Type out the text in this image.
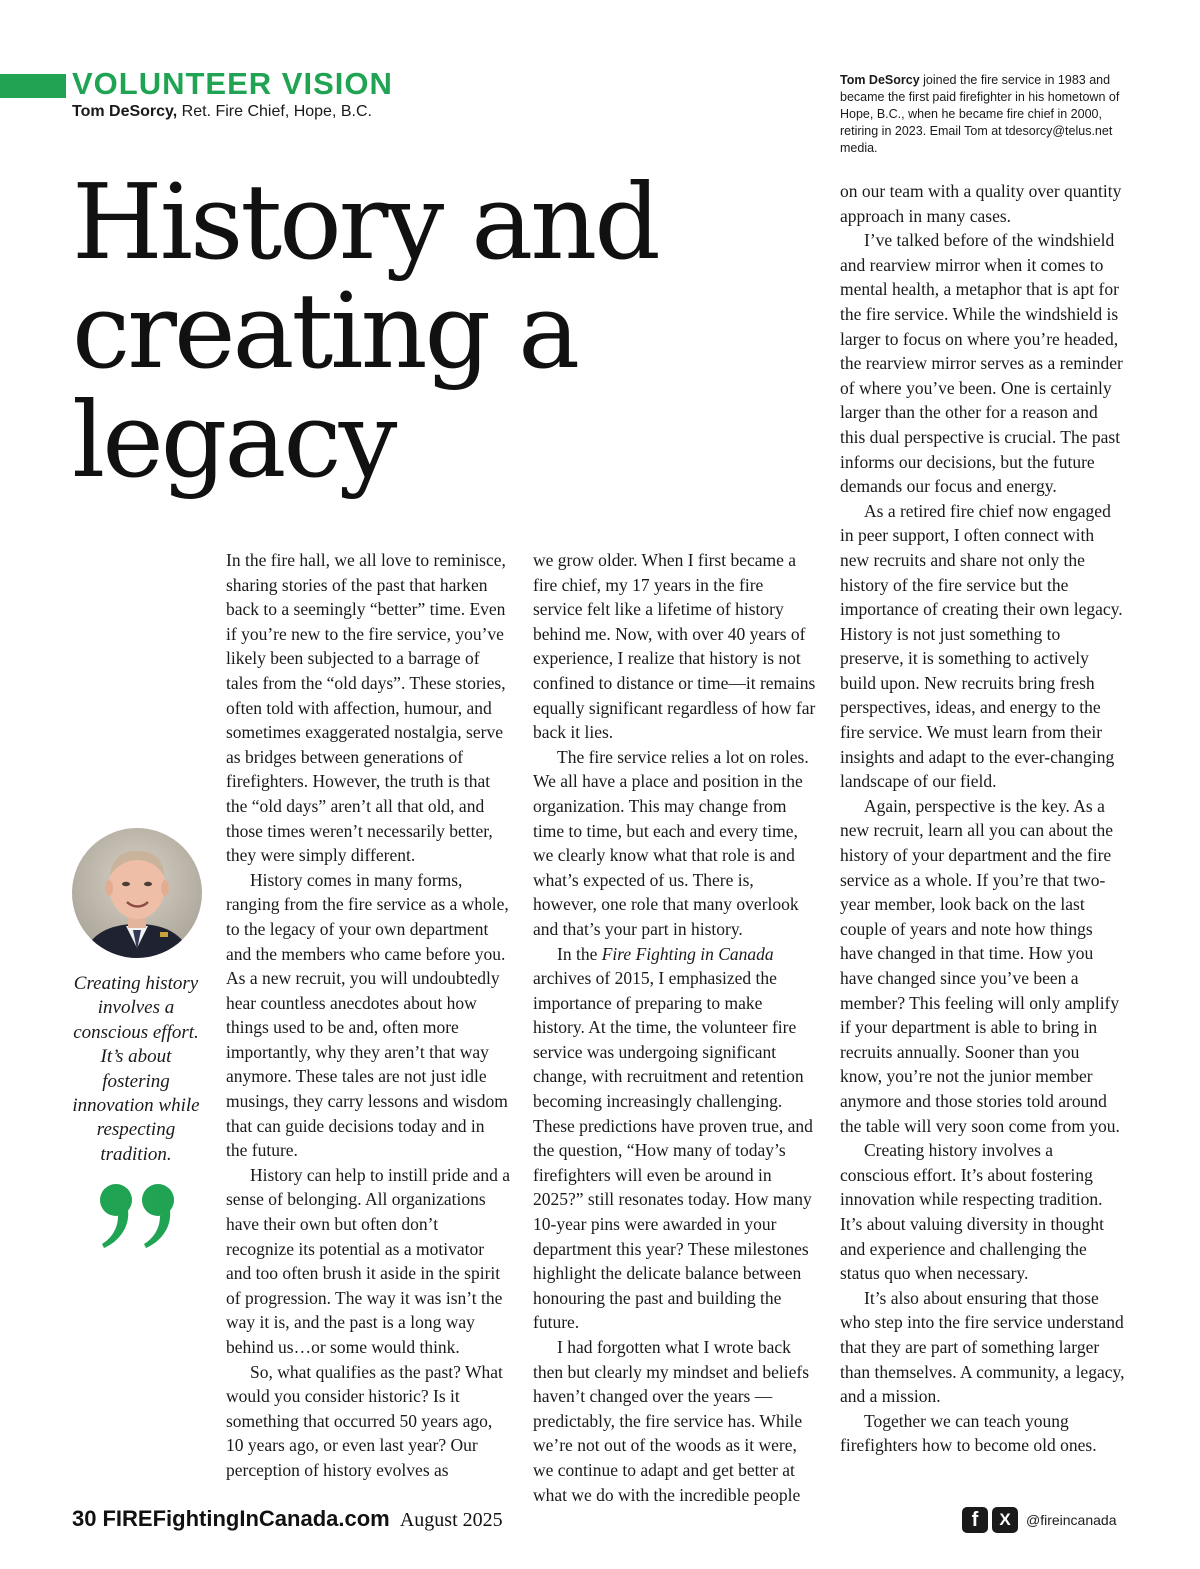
VOLUNTEER VISION
Tom DeSorcy, Ret. Fire Chief, Hope, B.C.
Tom DeSorcy joined the fire service in 1983 and became the first paid firefighter in his hometown of Hope, B.C., when he became fire chief in 2000, retiring in 2023. Email Tom at tdesorcy@telus.net media.
History and
creating a
legacy
Creating history involves a conscious effort. It’s about fostering innovation while respecting tradition.

In the fire hall, we all love to reminisce, sharing stories of the past that harken back to a seemingly “better” time. Even if you’re new to the fire service, you’ve likely been subjected to a barrage of tales from the “old days”. These stories, often told with affection, humour, and sometimes exaggerated nostalgia, serve as bridges between generations of firefighters. However, the truth is that the “old days” aren’t all that old, and those times weren’t necessarily better, they were simply different.

History comes in many forms, ranging from the fire service as a whole, to the legacy of your own department and the members who came before you. As a new recruit, you will undoubtedly hear countless anecdotes about how things used to be and, often more importantly, why they aren’t that way anymore. These tales are not just idle musings, they carry lessons and wisdom that can guide decisions today and in the future.

History can help to instill pride and a sense of belonging. All organizations have their own but often don’t recognize its potential as a motivator and too often brush it aside in the spirit of progression. The way it was isn’t the way it is, and the past is a long way behind us…or some would think.

So, what qualifies as the past? What would you consider historic? Is it something that occurred 50 years ago, 10 years ago, or even last year? Our perception of history evolves as

we grow older. When I first became a fire chief, my 17 years in the fire service felt like a lifetime of history behind me. Now, with over 40 years of experience, I realize that history is not confined to distance or time—it remains equally significant regardless of how far back it lies.

The fire service relies a lot on roles. We all have a place and position in the organization. This may change from time to time, but each and every time, we clearly know what that role is and what’s expected of us. There is, however, one role that many overlook and that’s your part in history.

In the Fire Fighting in Canada archives of 2015, I emphasized the importance of preparing to make history. At the time, the volunteer fire service was undergoing significant change, with recruitment and retention becoming increasingly challenging. These predictions have proven true, and the question, “How many of today’s firefighters will even be around in 2025?” still resonates today. How many 10-year pins were awarded in your department this year? These milestones highlight the delicate balance between honouring the past and building the future.

I had forgotten what I wrote back then but clearly my mindset and beliefs haven’t changed over the years — predictably, the fire service has. While we’re not out of the woods as it were, we continue to adapt and get better at what we do with the incredible people

on our team with a quality over quantity approach in many cases.

I’ve talked before of the windshield and rearview mirror when it comes to mental health, a metaphor that is apt for the fire service. While the windshield is larger to focus on where you’re headed, the rearview mirror serves as a reminder of where you’ve been. One is certainly larger than the other for a reason and this dual perspective is crucial. The past informs our decisions, but the future demands our focus and energy.

As a retired fire chief now engaged in peer support, I often connect with new recruits and share not only the history of the fire service but the importance of creating their own legacy. History is not just something to preserve, it is something to actively build upon. New recruits bring fresh perspectives, ideas, and energy to the fire service. We must learn from their insights and adapt to the ever-changing landscape of our field.

Again, perspective is the key. As a new recruit, learn all you can about the history of your department and the fire service as a whole. If you’re that two-year member, look back on the last couple of years and note how things have changed in that time. How you have changed since you’ve been a member? This feeling will only amplify if your department is able to bring in recruits annually. Sooner than you know, you’re not the junior member anymore and those stories told around the table will very soon come from you.

Creating history involves a conscious effort. It’s about fostering innovation while respecting tradition. It’s about valuing diversity in thought and experience and challenging the status quo when necessary.

It’s also about ensuring that those who step into the fire service understand that they are part of something larger than themselves. A community, a legacy, and a mission.

Together we can teach young firefighters how to become old ones.

30 FIREFightingInCanada.com August 2025	f	X	@fireincanada
